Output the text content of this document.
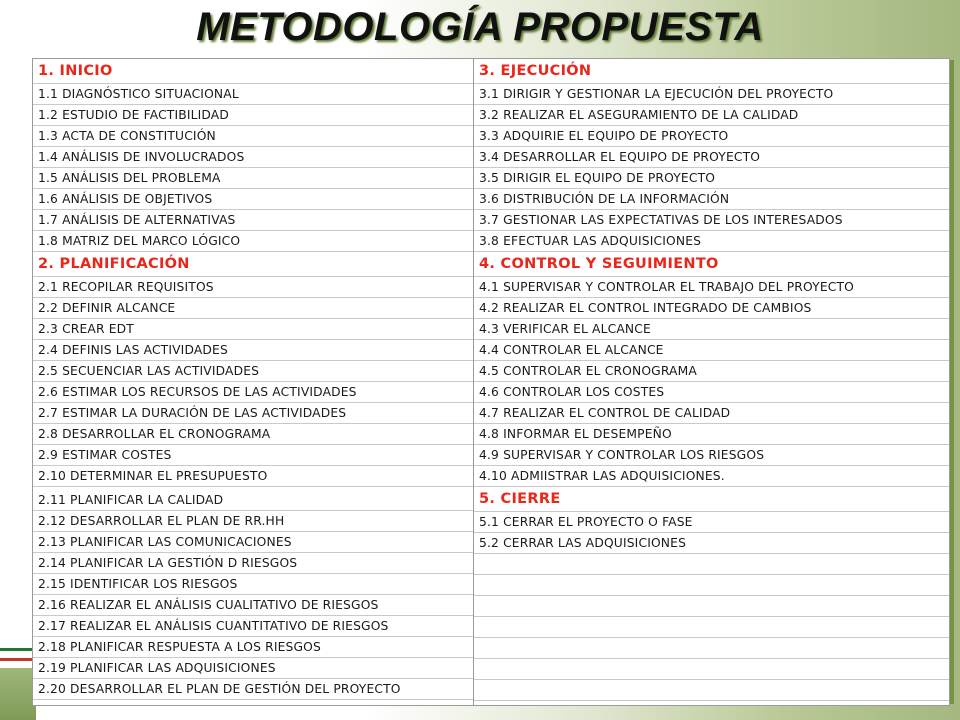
METODOLOGÍA PROPUESTA
1. INICIO
1.1 DIAGNÓSTICO SITUACIONAL
1.2 ESTUDIO DE FACTIBILIDAD
1.3 ACTA DE CONSTITUCIÓN
1.4 ANÁLISIS DE INVOLUCRADOS
1.5 ANÁLISIS DEL PROBLEMA
1.6 ANÁLISIS DE OBJETIVOS
1.7 ANÁLISIS DE ALTERNATIVAS
1.8 MATRIZ DEL MARCO LÓGICO
2. PLANIFICACIÓN
2.1 RECOPILAR REQUISITOS
2.2 DEFINIR ALCANCE
2.3 CREAR EDT
2.4 DEFINIS LAS ACTIVIDADES
2.5 SECUENCIAR LAS ACTIVIDADES
2.6 ESTIMAR LOS RECURSOS DE LAS ACTIVIDADES
2.7 ESTIMAR LA DURACIÓN DE LAS ACTIVIDADES
2.8 DESARROLLAR EL CRONOGRAMA
2.9 ESTIMAR COSTES
2.10 DETERMINAR EL PRESUPUESTO
2.11 PLANIFICAR LA CALIDAD
2.12 DESARROLLAR EL PLAN DE RR.HH
2.13 PLANIFICAR LAS COMUNICACIONES
2.14 PLANIFICAR LA GESTIÓN D RIESGOS
2.15 IDENTIFICAR LOS RIESGOS
2.16 REALIZAR EL ANÁLISIS CUALITATIVO DE RIESGOS
2.17 REALIZAR EL ANÁLISIS CUANTITATIVO DE RIESGOS
2.18 PLANIFICAR RESPUESTA A LOS RIESGOS
2.19 PLANIFICAR LAS ADQUISICIONES
2.20 DESARROLLAR EL PLAN DE GESTIÓN DEL PROYECTO
3. EJECUCIÓN
3.1 DIRIGIR Y GESTIONAR LA EJECUCIÓN DEL PROYECTO
3.2 REALIZAR EL ASEGURAMIENTO DE LA CALIDAD
3.3 ADQUIRIE EL EQUIPO DE PROYECTO
3.4 DESARROLLAR EL EQUIPO DE PROYECTO
3.5 DIRIGIR EL EQUIPO DE PROYECTO
3.6 DISTRIBUCIÓN DE LA INFORMACIÓN
3.7 GESTIONAR LAS EXPECTATIVAS DE LOS INTERESADOS
3.8 EFECTUAR LAS ADQUISICIONES
4. CONTROL Y SEGUIMIENTO
4.1 SUPERVISAR Y CONTROLAR EL TRABAJO DEL PROYECTO
4.2 REALIZAR EL CONTROL INTEGRADO DE CAMBIOS
4.3 VERIFICAR EL ALCANCE
4.4 CONTROLAR EL ALCANCE
4.5 CONTROLAR EL CRONOGRAMA
4.6 CONTROLAR LOS COSTES
4.7 REALIZAR EL CONTROL DE CALIDAD
4.8 INFORMAR EL DESEMPEÑO
4.9 SUPERVISAR Y CONTROLAR LOS RIESGOS
4.10 ADMIISTRAR LAS ADQUISICIONES.
5. CIERRE
5.1 CERRAR EL PROYECTO O FASE
5.2 CERRAR LAS ADQUISICIONES
